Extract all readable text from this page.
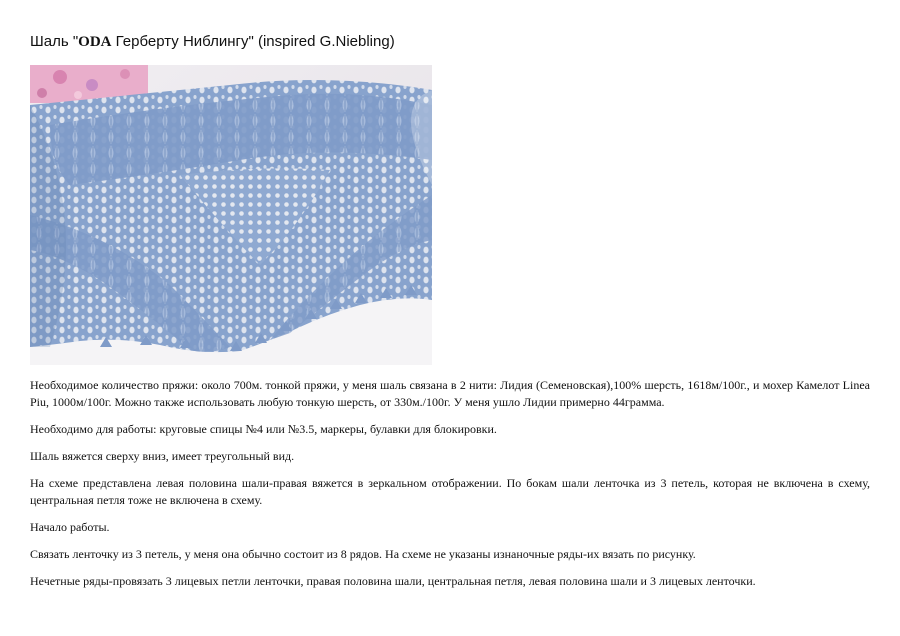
Шаль "ODA Герберту Ниблингу" (inspired G.Niebling)

Необходимое количество пряжи: около 700м. тонкой пряжи, у меня шаль связана в 2 нити: Лидия (Семеновская),100% шерсть, 1618м/100г., и мохер Камелот Linea Piu, 1000м/100г. Можно также использовать любую тонкую шерсть, от 330м./100г. У меня ушло Лидии примерно 44грамма.

Необходимо для работы: круговые спицы №4 или №3.5, маркеры, булавки для блокировки.

Шаль вяжется сверху вниз, имеет треугольный вид.

На схеме представлена левая половина шали-правая вяжется в зеркальном отображении. По бокам шали ленточка из 3 петель, которая не включена в схему, центральная петля тоже не включена в схему.

Начало работы.

Связать ленточку из 3 петель, у меня она обычно состоит из 8 рядов. На схеме не указаны изнаночные ряды-их вязать по рисунку.

Нечетные ряды-провязать 3 лицевых петли ленточки, правая половина шали, центральная петля, левая половина шали и 3 лицевых ленточки.
